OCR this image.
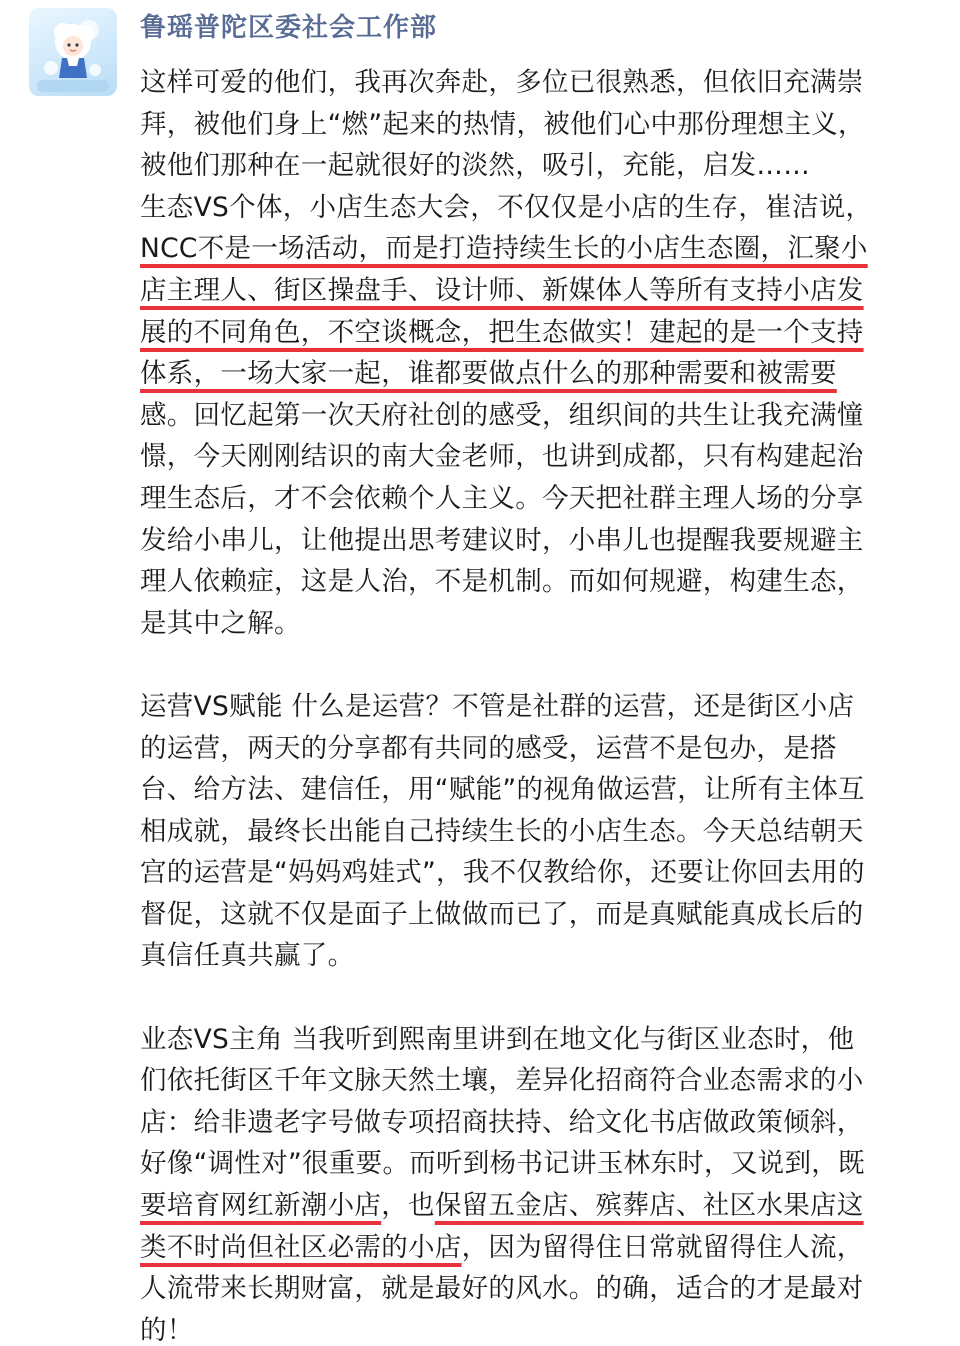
鲁瑶普陀区委社会工作部
这样可爱的他们，我再次奔赴，多位已很熟悉，但依旧充满崇
拜，被他们身上“燃”起来的热情，被他们心中那份理想主义，
被他们那种在一起就很好的淡然，吸引，充能，启发……
生态VS个体，小店生态大会，不仅仅是小店的生存，崔洁说，
NCC不是一场活动，而是打造持续生长的小店生态圈，汇聚小
店主理人、街区操盘手、设计师、新媒体人等所有支持小店发
展的不同角色，不空谈概念，把生态做实！建起的是一个支持
体系，一场大家一起，谁都要做点什么的那种需要和被需要
感。回忆起第一次天府社创的感受，组织间的共生让我充满憧
憬，今天刚刚结识的南大金老师，也讲到成都，只有构建起治
理生态后，才不会依赖个人主义。今天把社群主理人场的分享
发给小串儿，让他提出思考建议时，小串儿也提醒我要规避主
理人依赖症，这是人治，不是机制。而如何规避，构建生态，
是其中之解。
运营VS赋能 什么是运营？不管是社群的运营，还是街区小店
的运营，两天的分享都有共同的感受，运营不是包办，是搭
台、给方法、建信任，用“赋能”的视角做运营，让所有主体互
相成就，最终长出能自己持续生长的小店生态。今天总结朝天
宫的运营是“妈妈鸡娃式”，我不仅教给你，还要让你回去用的
督促，这就不仅是面子上做做而已了，而是真赋能真成长后的
真信任真共赢了。
业态VS主角 当我听到熙南里讲到在地文化与街区业态时，他
们依托街区千年文脉天然土壤，差异化招商符合业态需求的小
店：给非遗老字号做专项招商扶持、给文化书店做政策倾斜，
好像“调性对”很重要。而听到杨书记讲玉林东时，又说到，既
要培育网红新潮小店，也保留五金店、殡葬店、社区水果店这
类不时尚但社区必需的小店，因为留得住日常就留得住人流，
人流带来长期财富，就是最好的风水。的确，适合的才是最对
的！
